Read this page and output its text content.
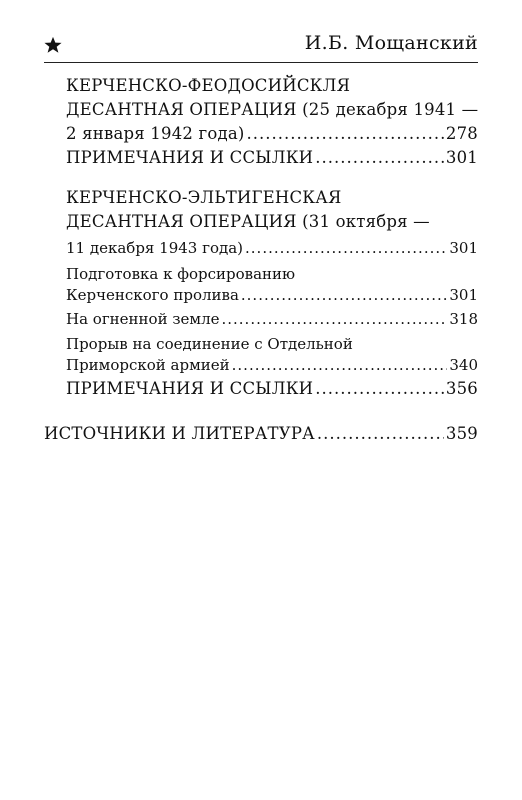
И.Б. Мощанский
КЕРЧЕНСКО-ФЕОДОСИЙСКЛЯ
ДЕСАНТНАЯ ОПЕРАЦИЯ (25 декабря 1941 —
2 января 1942 года) .....	278
ПРИМЕЧАНИЯ И ССЫЛКИ .....	301
КЕРЧЕНСКО-ЭЛЬТИГЕНСКАЯ
ДЕСАНТНАЯ ОПЕРАЦИЯ (31 октября —
11 декабря 1943 года) .....	301
Подготовка к форсированию
Керченского пролива .....	301
На огненной земле .....	318
Прорыв на соединение с Отдельной
Приморской армией .....	340
ПРИМЕЧАНИЯ И ССЫЛКИ .....	356
ИСТОЧНИКИ И ЛИТЕРАТУРА .....	359
